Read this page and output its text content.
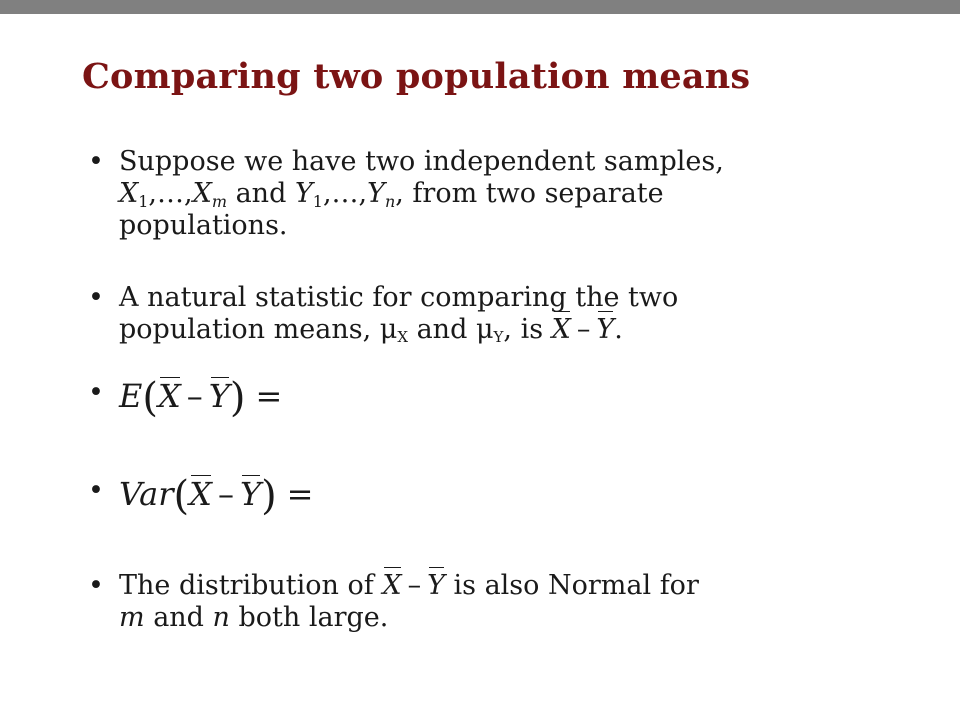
Comparing two population means
• Suppose we have two independent samples,
$X_1,\dots,X_m$ and $Y_1,\dots,Y_n$, from two separate
populations.
• A natural statistic for comparing the two
population means, $\mu_X$ and $\mu_Y$, is X – Y.
• E(X – Y) =
• Var(X – Y) =
• The distribution of X – Y is also Normal for
m and n both large.
